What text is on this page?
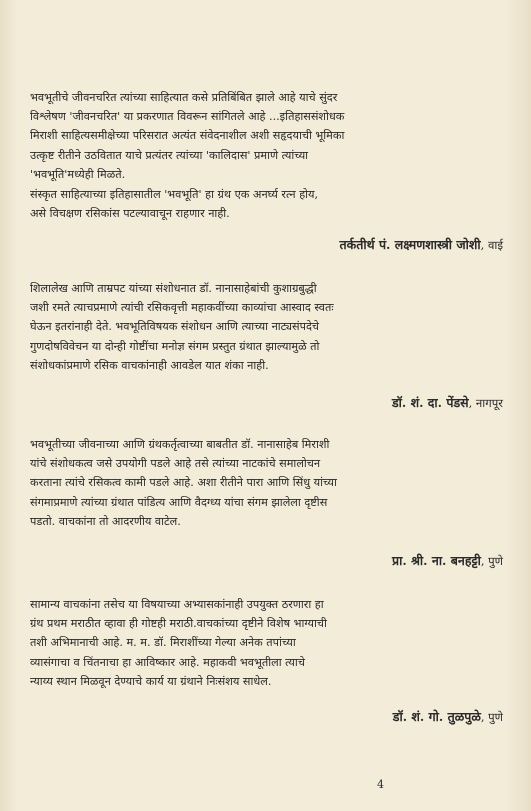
भवभूतीचे जीवनचरित त्यांच्या साहित्यात कसे प्रतिबिंबित झाले आहे याचे सुंदर
विश्लेषण 'जीवनचरित' या प्रकरणात विवरून सांगितले आहे ...इतिहाससंशोधक
मिराशी साहित्यसमीक्षेच्या परिसरात अत्यंत संवेदनाशील अशी सहृदयाची भूमिका
उत्कृष्ट रीतीने उठवितात याचे प्रत्यंतर त्यांच्या 'कालिदास' प्रमाणे त्यांच्या
'भवभूति'मध्येही मिळते.
संस्कृत साहित्याच्या इतिहासातील 'भवभूति' हा ग्रंथ एक अनर्घ्य रत्न होय,
असे विचक्षण रसिकांस पटल्यावाचून राहणार नाही.
तर्कतीर्थ पं. लक्ष्मणशास्त्री जोशी, वाई
शिलालेख आणि ताम्रपट यांच्या संशोधनात डॉ. नानासाहेबांची कुशाग्रबुद्धी
जशी रमते त्याचप्रमाणे त्यांची रसिकवृत्ती महाकवींच्या काव्यांचा आस्वाद स्वतः
घेऊन इतरांनाही देते. भवभूतिविषयक संशोधन आणि त्याच्या नाट्यसंपदेचे
गुणदोषविवेचन या दोन्ही गोष्टींचा मनोज्ञ संगम प्रस्तुत ग्रंथात झाल्यामुळे तो
संशोधकांप्रमाणे रसिक वाचकांनाही आवडेल यात शंका नाही.
डॉ. शं. दा. पेंडसे, नागपूर
भवभूतीच्या जीवनाच्या आणि ग्रंथकर्तृत्वाच्या बाबतीत डॉ. नानासाहेब मिराशी
यांचे संशोधकत्व जसे उपयोगी पडले आहे तसे त्यांच्या नाटकांचे समालोचन
करताना त्यांचे रसिकत्व कामी पडले आहे. अशा रीतीने पारा आणि सिंधु यांच्या
संगमाप्रमाणे त्यांच्या ग्रंथात पांडित्य आणि वैदग्ध्य यांचा संगम झालेला दृष्टीस
पडतो. वाचकांना तो आदरणीय वाटेल.
प्रा. श्री. ना. बनहट्टी, पुणे
सामान्य वाचकांना तसेच या विषयाच्या अभ्यासकांनाही उपयुक्त ठरणारा हा
ग्रंथ प्रथम मराठीत व्हावा ही गोष्टही मराठी.वाचकांच्या दृष्टीने विशेष भाग्याची
तशी अभिमानाची आहे. म. म. डॉ. मिराशींच्या गेल्या अनेक तपांच्या
व्यासंगाचा व चिंतनाचा हा आविष्कार आहे. महाकवी भवभूतीला त्याचे
न्याय्य स्थान मिळवून देण्याचे कार्य या ग्रंथाने निःसंशय साधेल.
डॉ. शं. गो. तुळपुळे, पुणे
4
